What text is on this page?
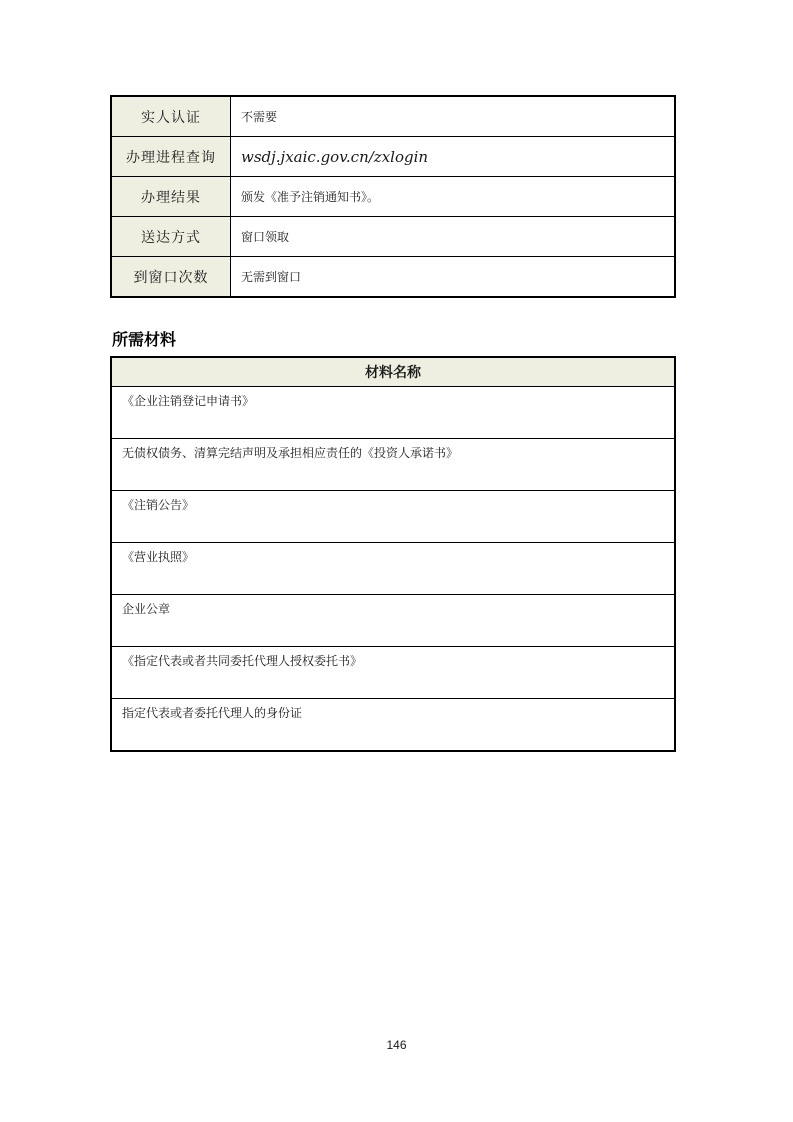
实人认证	不需要
办理进程查询	wsdj.jxaic.gov.cn/zxlogin
办理结果	颁发《准予注销通知书》。
送达方式	窗口领取
到窗口次数	无需到窗口
所需材料
材料名称
《企业注销登记申请书》
无债权债务、清算完结声明及承担相应责任的《投资人承诺书》
《注销公告》
《营业执照》
企业公章
《指定代表或者共同委托代理人授权委托书》
指定代表或者委托代理人的身份证
146
